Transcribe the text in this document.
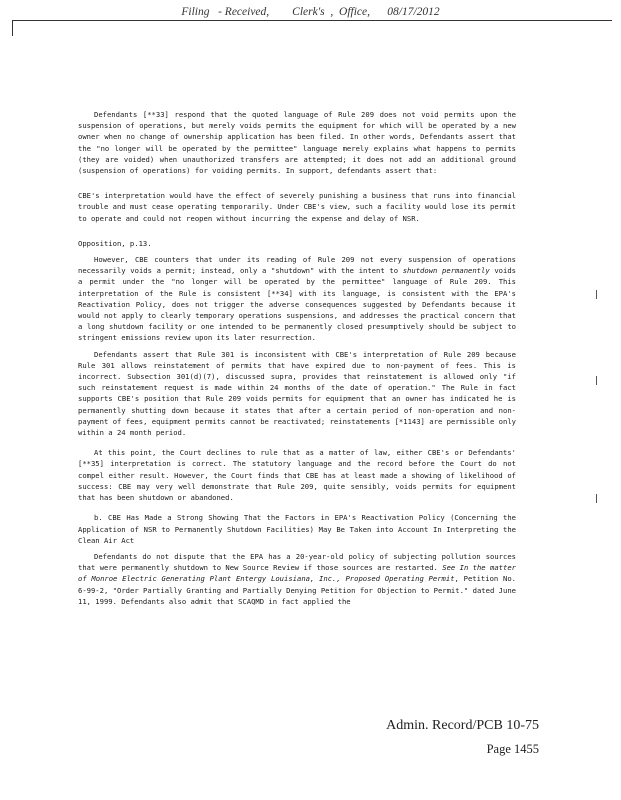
Filing   - Received,        Clerk's  ,  Office,      08/17/2012

Defendants [**33] respond that the quoted language of Rule 209 does not void permits upon the suspension of operations, but merely voids permits the equipment for which will be operated by a new owner when no change of ownership application has been filed. In other words, Defendants assert that the "no longer will be operated by the permittee" language merely explains what happens to permits (they are voided) when unauthorized transfers are attempted; it does not add an additional ground (suspension of operations) for voiding permits. In support, defendants assert that:

CBE's interpretation would have the effect of severely punishing a business that runs into financial trouble and must cease operating temporarily. Under CBE's view, such a facility would lose its permit to operate and could not reopen without incurring the expense and delay of NSR.

Opposition, p.13.

However, CBE counters that under its reading of Rule 209 not every suspension of operations necessarily voids a permit; instead, only a "shutdown" with the intent to shutdown permanently voids a permit under the "no longer will be operated by the permittee" language of Rule 209. This interpretation of the Rule is consistent [**34] with its language, is consistent with the EPA's Reactivation Policy, does not trigger the adverse consequences suggested by Defendants because it would not apply to clearly temporary operations suspensions, and addresses the practical concern that a long shutdown facility or one intended to be permanently closed presumptively should be subject to stringent emissions review upon its later resurrection.

Defendants assert that Rule 301 is inconsistent with CBE's interpretation of Rule 209 because Rule 301 allows reinstatement of permits that have expired due to non-payment of fees. This is incorrect. Subsection 301(d)(7), discussed supra, provides that reinstatement is allowed only "if such reinstatement request is made within 24 months of the date of operation." The Rule in fact supports CBE's position that Rule 209 voids permits for equipment that an owner has indicated he is permanently shutting down because it states that after a certain period of non-operation and non-payment of fees, equipment permits cannot be reactivated; reinstatements [*1143] are permissible only within a 24 month period.

At this point, the Court declines to rule that as a matter of law, either CBE's or Defendants' [**35] interpretation is correct. The statutory language and the record before the Court do not compel either result. However, the Court finds that CBE has at least made a showing of likelihood of success: CBE may very well demonstrate that Rule 209, quite sensibly, voids permits for equipment that has been shutdown or abandoned.

b. CBE Has Made a Strong Showing That the Factors in EPA's Reactivation Policy (Concerning the Application of NSR to Permanently Shutdown Facilities) May Be Taken into Account In Interpreting the Clean Air Act

Defendants do not dispute that the EPA has a 20-year-old policy of subjecting pollution sources that were permanently shutdown to New Source Review if those sources are restarted. See In the matter of Monroe Electric Generating Plant Entergy Louisiana, Inc., Proposed Operating Permit, Petition No. 6-99-2, "Order Partially Granting and Partially Denying Petition for Objection to Permit." dated June 11, 1999. Defendants also admit that SCAQMD in fact applied the

Admin. Record/PCB 10-75
Page 1455
